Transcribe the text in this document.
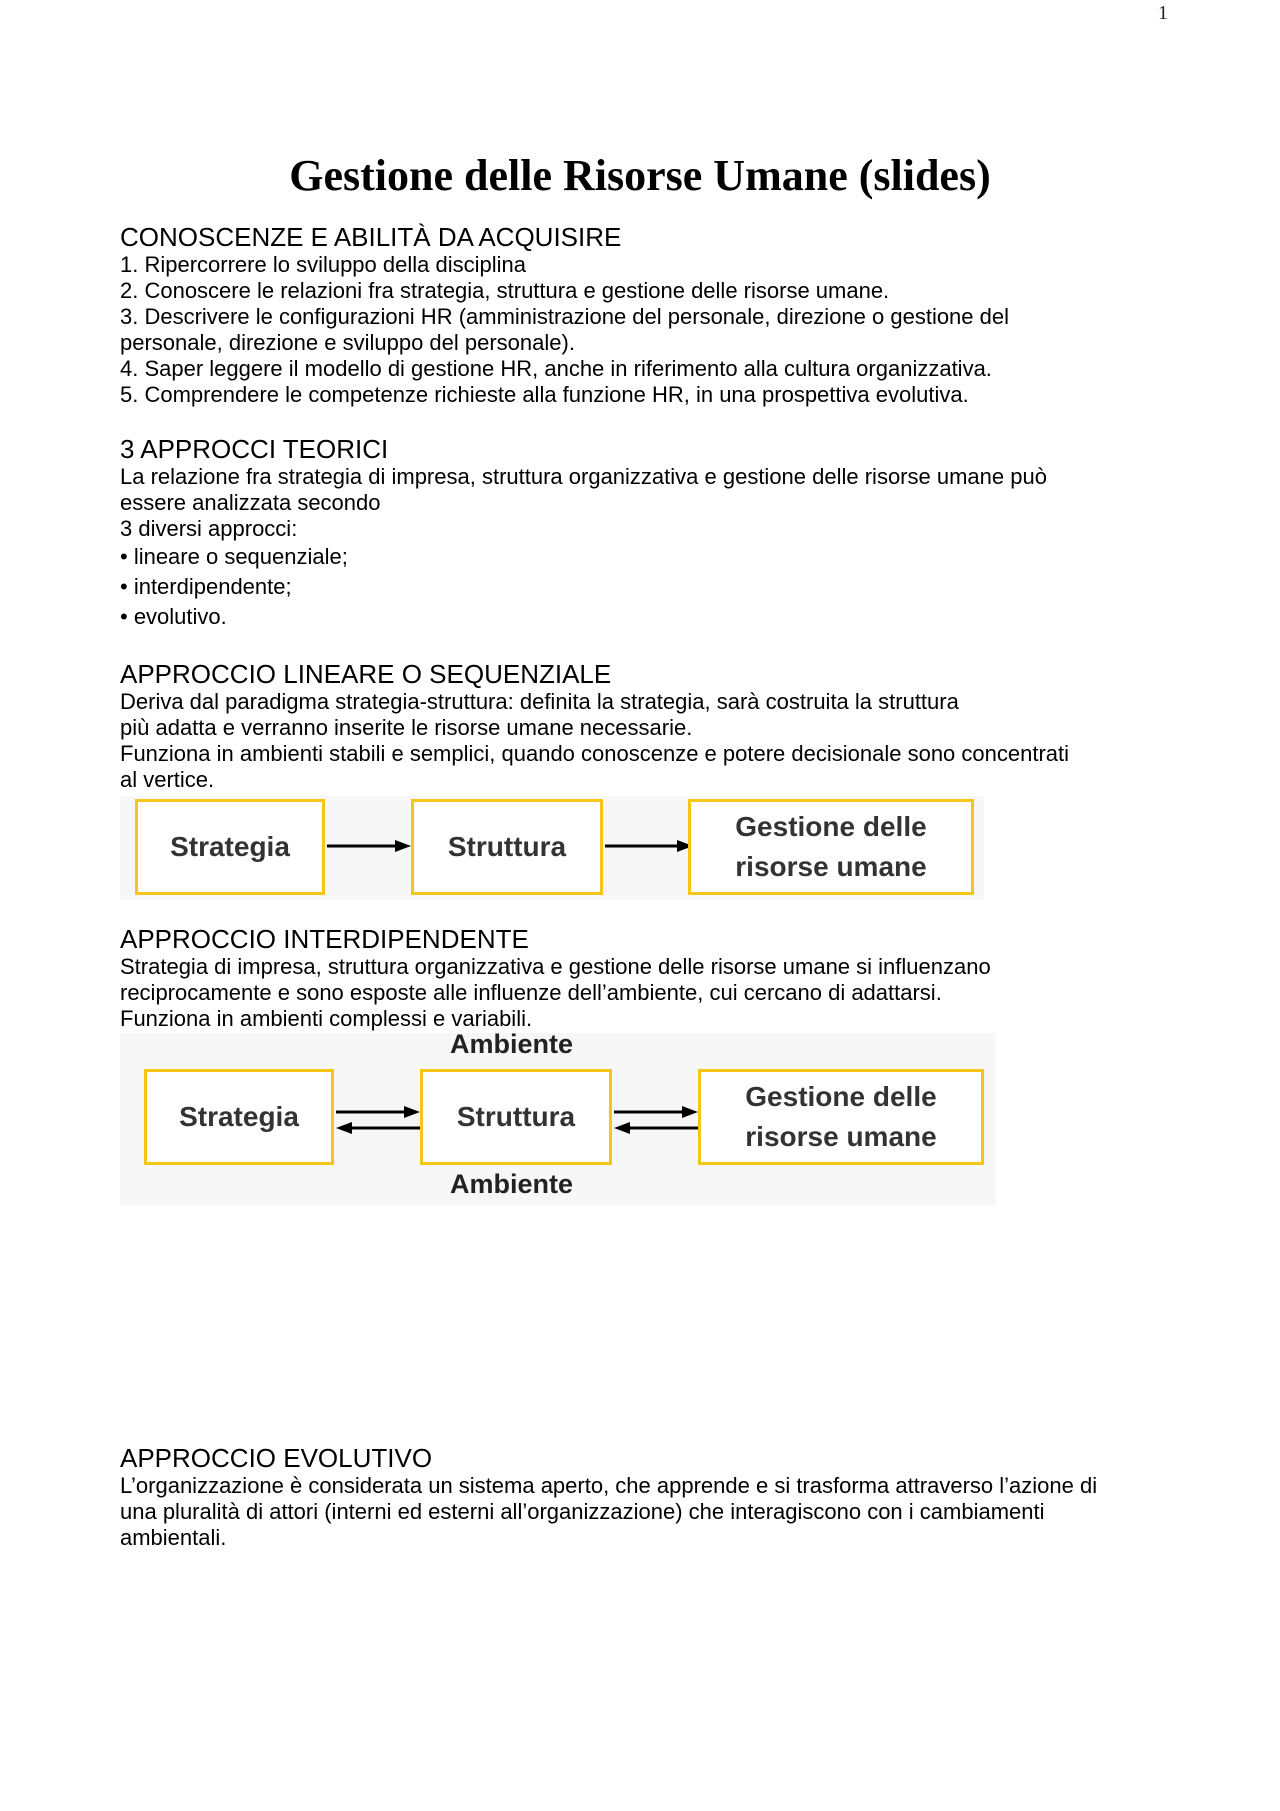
1
Gestione delle Risorse Umane (slides)
CONOSCENZE E ABILITÀ DA ACQUISIRE

1. Ripercorrere lo sviluppo della disciplina

2. Conoscere le relazioni fra strategia, struttura e gestione delle risorse umane.

3. Descrivere le configurazioni HR (amministrazione del personale, direzione o gestione del

personale, direzione e sviluppo del personale).

4. Saper leggere il modello di gestione HR, anche in riferimento alla cultura organizzativa.

5. Comprendere le competenze richieste alla funzione HR, in una prospettiva evolutiva.

3 APPROCCI TEORICI

La relazione fra strategia di impresa, struttura organizzativa e gestione delle risorse umane può

essere analizzata secondo

3 diversi approcci:

• lineare o sequenziale;

• interdipendente;

• evolutivo.

APPROCCIO LINEARE O SEQUENZIALE

Deriva dal paradigma strategia-struttura: definita la strategia, sarà costruita la struttura

più adatta e verranno inserite le risorse umane necessarie.

Funziona in ambienti stabili e semplici, quando conoscenze e potere decisionale sono concentrati

al vertice.

Strategia	Struttura
Gestione delle
risorse umane
APPROCCIO INTERDIPENDENTE

Strategia di impresa, struttura organizzativa e gestione delle risorse umane si influenzano

reciprocamente e sono esposte alle influenze dell’ambiente, cui cercano di adattarsi.

Funziona in ambienti complessi e variabili.

Ambiente
Strategia	Struttura
Gestione delle
risorse umane
Ambiente
APPROCCIO EVOLUTIVO

L’organizzazione è considerata un sistema aperto, che apprende e si trasforma attraverso l’azione di

una pluralità di attori (interni ed esterni all’organizzazione) che interagiscono con i cambiamenti

ambientali.
